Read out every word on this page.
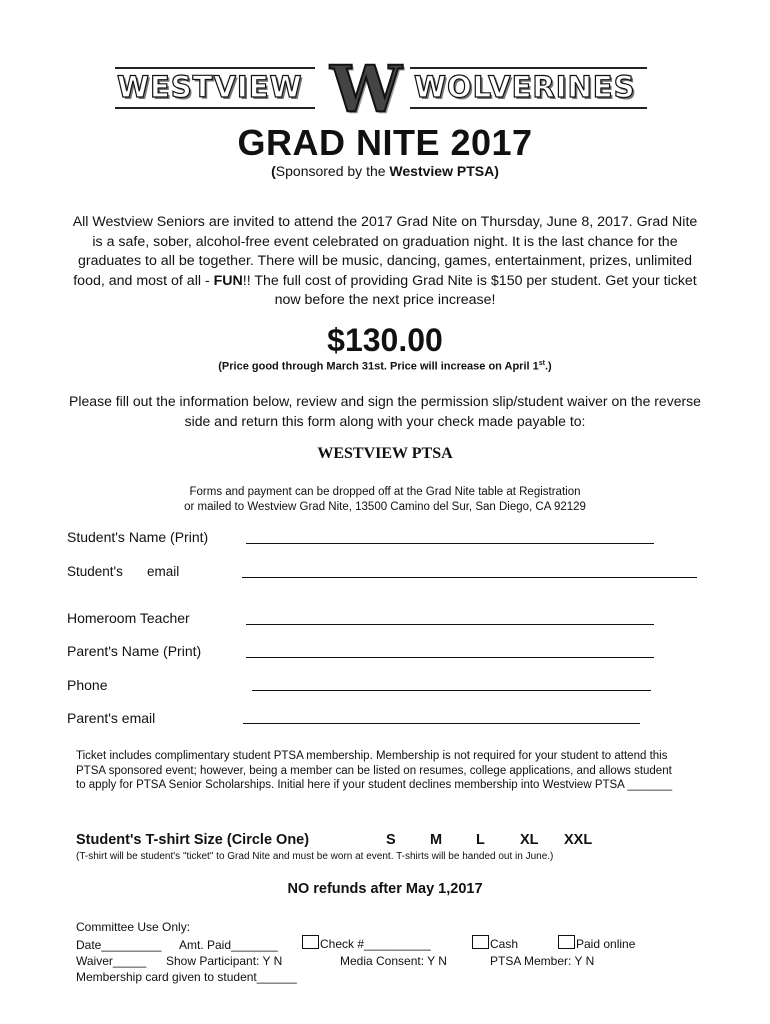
WESTVIEW W WOLVERINES
GRAD NITE 2017
(Sponsored by the Westview PTSA)
All Westview Seniors are invited to attend the 2017 Grad Nite on Thursday, June 8, 2017. Grad Nite is a safe, sober, alcohol-free event celebrated on graduation night. It is the last chance for the graduates to all be together. There will be music, dancing, games, entertainment, prizes, unlimited food, and most of all - FUN!! The full cost of providing Grad Nite is $150 per student. Get your ticket now before the next price increase!
$130.00
(Price good through March 31st. Price will increase on April 1st.)
Please fill out the information below, review and sign the permission slip/student waiver on the reverse side and return this form along with your check made payable to:
WESTVIEW PTSA
Forms and payment can be dropped off at the Grad Nite table at Registration
or mailed to Westview Grad Nite, 13500 Camino del Sur, San Diego, CA 92129
Student's Name (Print)
Student's email
Homeroom Teacher
Parent's Name (Print)
Phone
Parent's email
Ticket includes complimentary student PTSA membership. Membership is not required for your student to attend this PTSA sponsored event; however, being a member can be listed on resumes, college applications, and allows student to apply for PTSA Senior Scholarships. Initial here if your student declines membership into Westview PTSA _______
Student's T-shirt Size (Circle One)	S M L XL XXL
(T-shirt will be student's "ticket" to Grad Nite and must be worn at event. T-shirts will be handed out in June.)
NO refunds after May 1,2017
Committee Use Only:
Date_________ Amt. Paid_______	Check #__________	Cash	Paid online
Waiver_____ Show Participant: Y N	Media Consent: Y N	PTSA Member: Y N
Membership card given to student______
